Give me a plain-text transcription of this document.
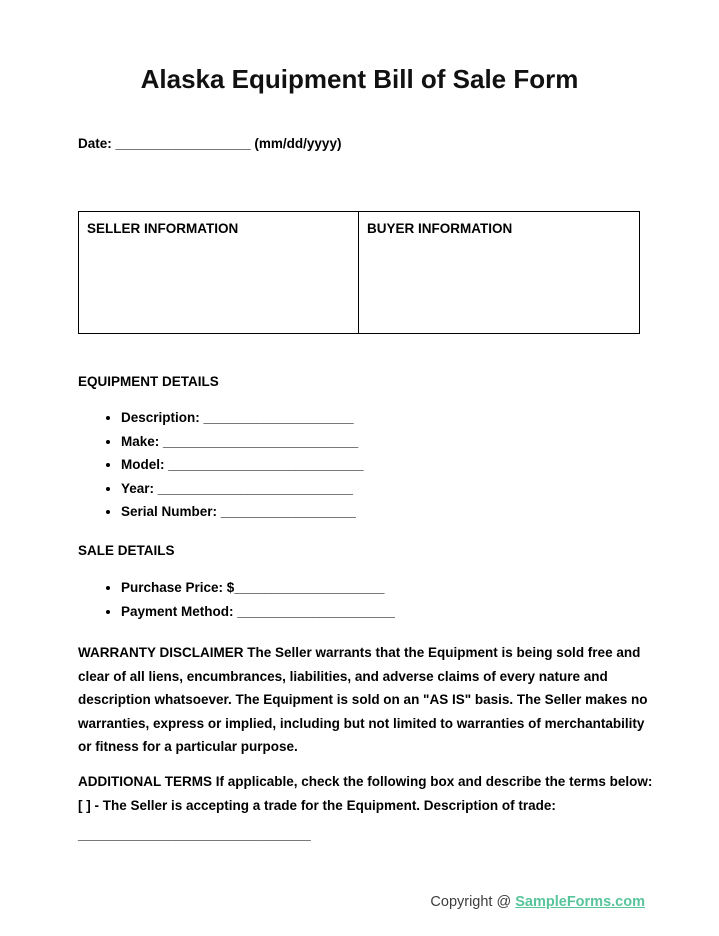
Alaska Equipment Bill of Sale Form
Date: __________________ (mm/dd/yyyy)
SELLER INFORMATION	BUYER INFORMATION
EQUIPMENT DETAILS
• Description: ____________________
• Make: __________________________
• Model: __________________________
• Year: __________________________
• Serial Number: __________________
SALE DETAILS
• Purchase Price: $____________________
• Payment Method: _____________________
WARRANTY DISCLAIMER The Seller warrants that the Equipment is being sold free and
clear of all liens, encumbrances, liabilities, and adverse claims of every nature and
description whatsoever. The Equipment is sold on an "AS IS" basis. The Seller makes no
warranties, express or implied, including but not limited to warranties of merchantability
or fitness for a particular purpose.
ADDITIONAL TERMS If applicable, check the following box and describe the terms below:
[ ] - The Seller is accepting a trade for the Equipment. Description of trade:
_______________________________
Copyright @ SampleForms.com
